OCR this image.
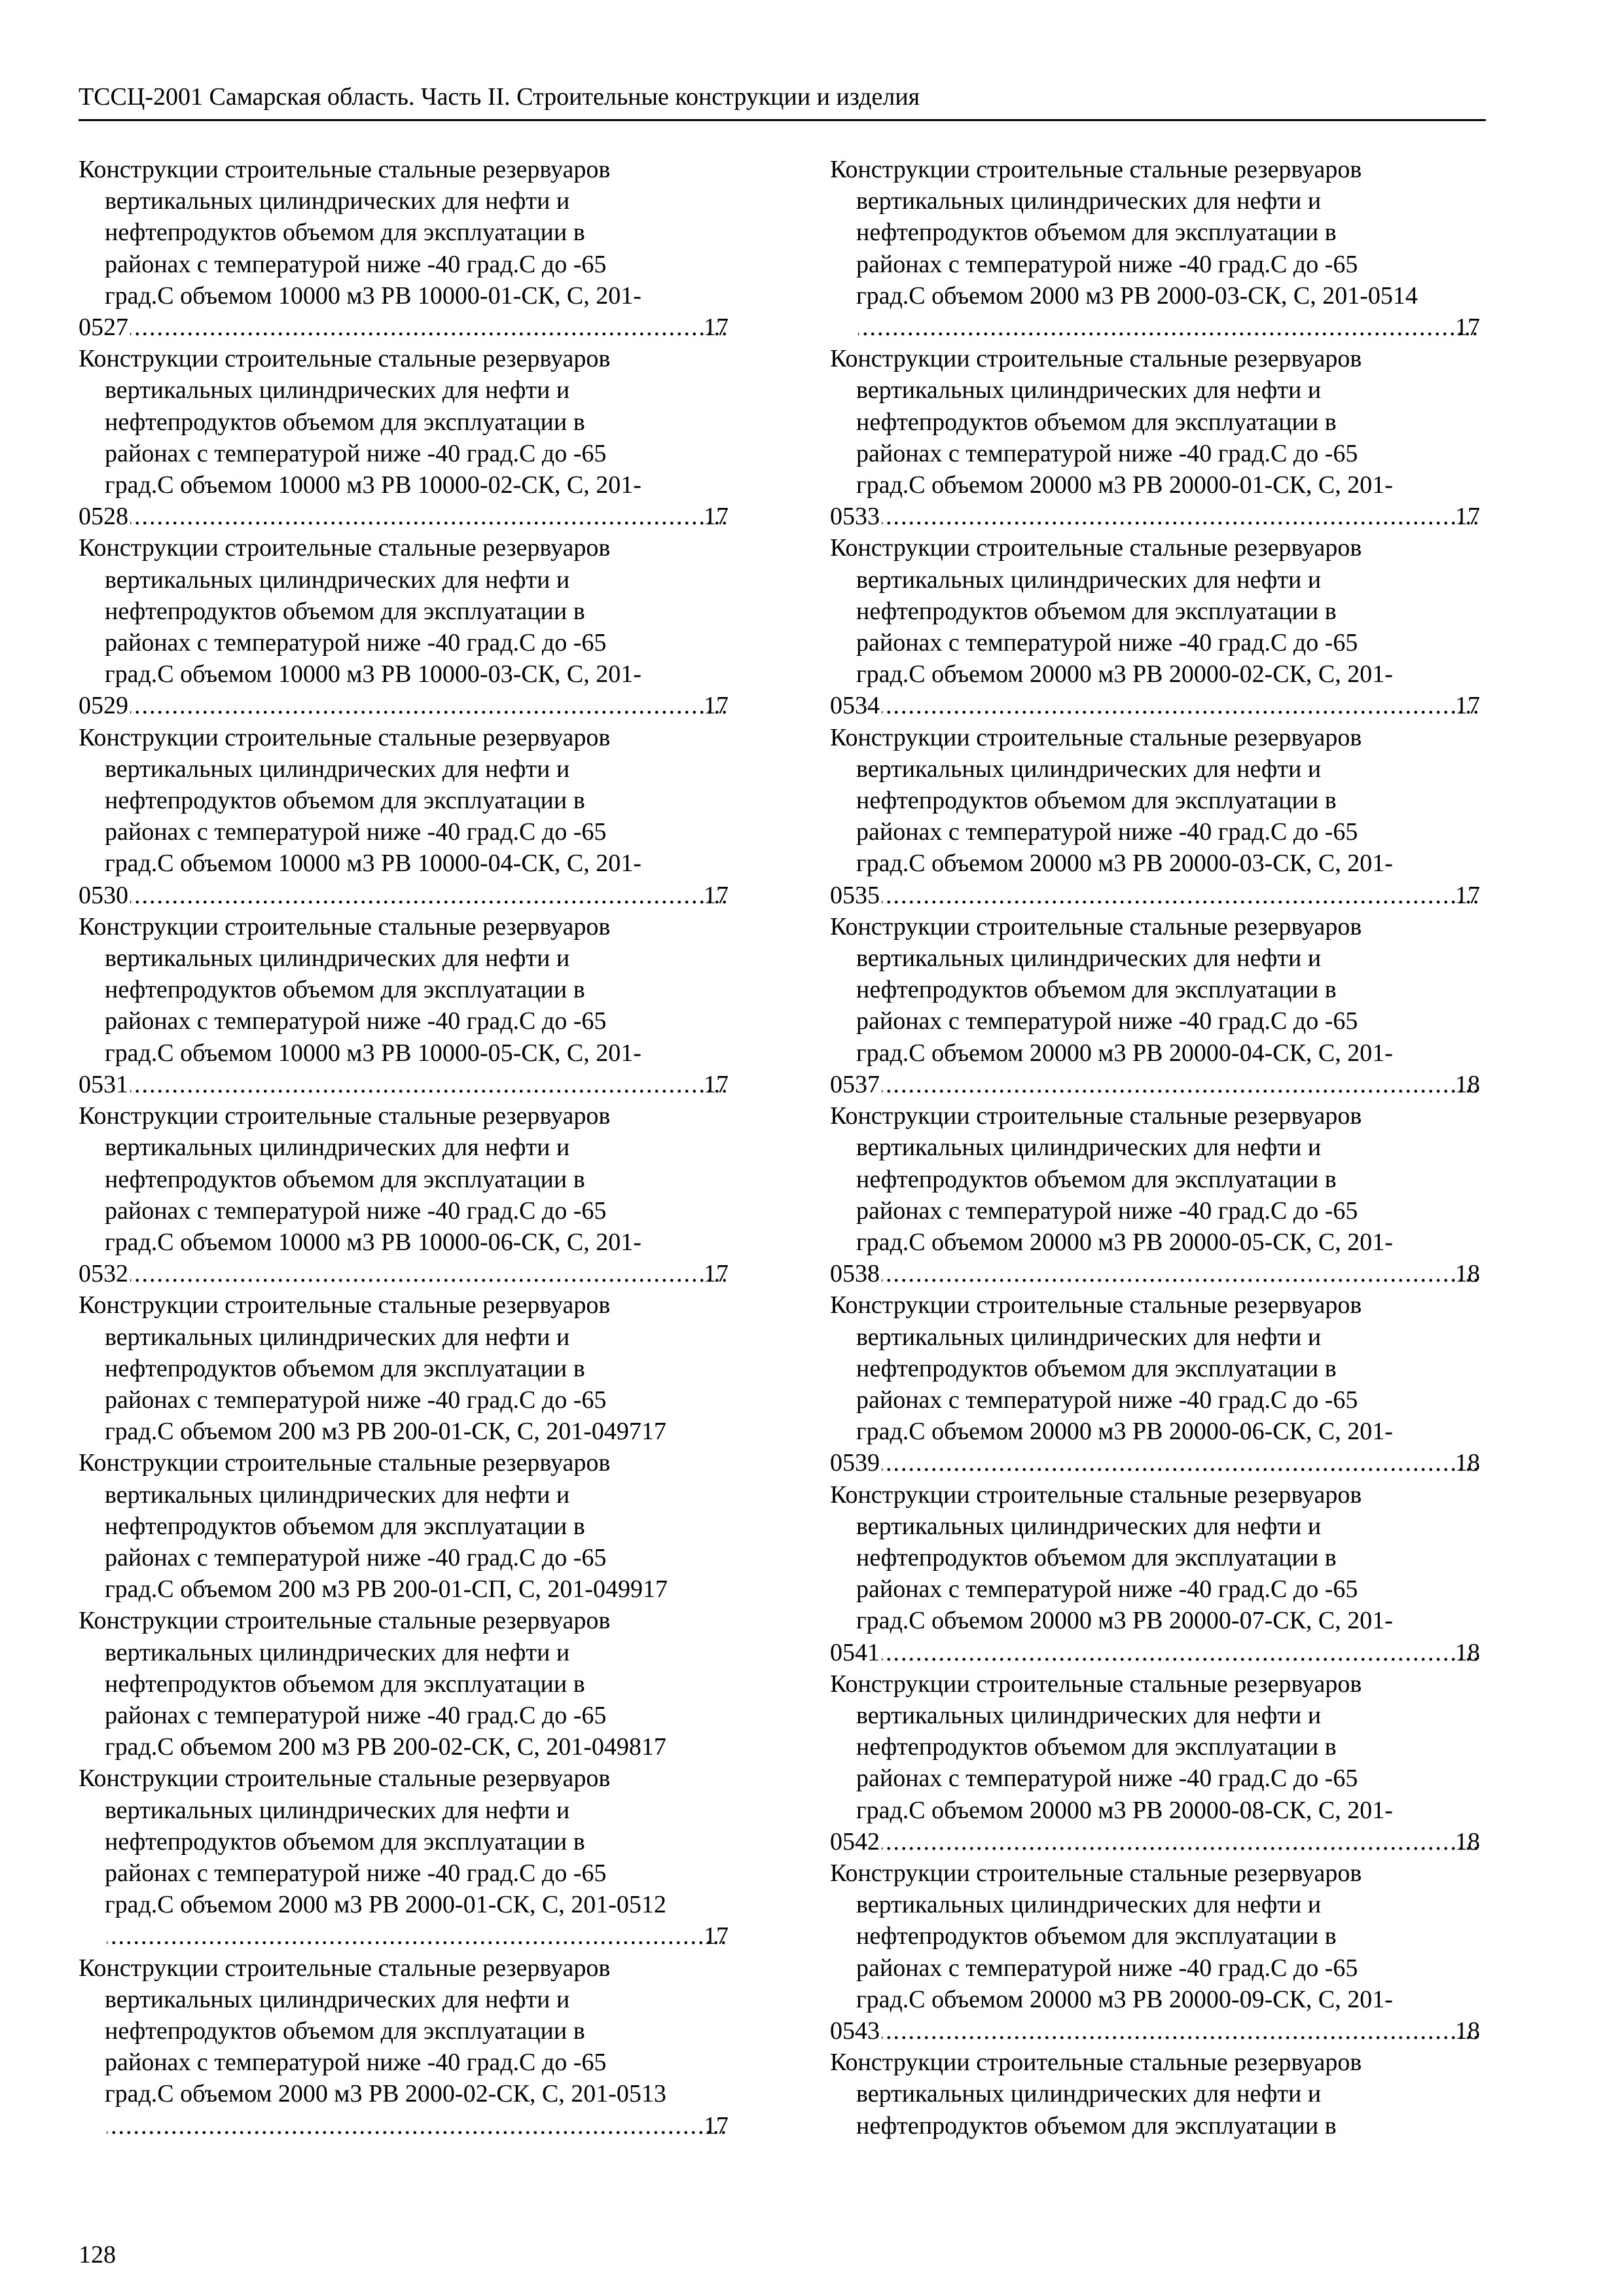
ТССЦ-2001 Самарская область. Часть II. Строительные конструкции и изделия
Конструкции строительные стальные резервуаров
вертикальных цилиндрических для нефти и
нефтепродуктов объемом для эксплуатации в
районах с температурой ниже -40 град.С до -65
град.С объемом 10000 м3 РВ 10000-01-СК, С, 201-
0527 .....	17
Конструкции строительные стальные резервуаров
вертикальных цилиндрических для нефти и
нефтепродуктов объемом для эксплуатации в
районах с температурой ниже -40 град.С до -65
град.С объемом 10000 м3 РВ 10000-02-СК, С, 201-
0528 .....	17
Конструкции строительные стальные резервуаров
вертикальных цилиндрических для нефти и
нефтепродуктов объемом для эксплуатации в
районах с температурой ниже -40 град.С до -65
град.С объемом 10000 м3 РВ 10000-03-СК, С, 201-
0529 .....	17
Конструкции строительные стальные резервуаров
вертикальных цилиндрических для нефти и
нефтепродуктов объемом для эксплуатации в
районах с температурой ниже -40 град.С до -65
град.С объемом 10000 м3 РВ 10000-04-СК, С, 201-
0530 .....	17
Конструкции строительные стальные резервуаров
вертикальных цилиндрических для нефти и
нефтепродуктов объемом для эксплуатации в
районах с температурой ниже -40 град.С до -65
град.С объемом 10000 м3 РВ 10000-05-СК, С, 201-
0531 .....	17
Конструкции строительные стальные резервуаров
вертикальных цилиндрических для нефти и
нефтепродуктов объемом для эксплуатации в
районах с температурой ниже -40 град.С до -65
град.С объемом 10000 м3 РВ 10000-06-СК, С, 201-
0532 .....	17
Конструкции строительные стальные резервуаров
вертикальных цилиндрических для нефти и
нефтепродуктов объемом для эксплуатации в
районах с температурой ниже -40 град.С до -65
град.С объемом 200 м3 РВ 200-01-СК, С, 201-049717
Конструкции строительные стальные резервуаров
вертикальных цилиндрических для нефти и
нефтепродуктов объемом для эксплуатации в
районах с температурой ниже -40 град.С до -65
град.С объемом 200 м3 РВ 200-01-СП, С, 201-049917
Конструкции строительные стальные резервуаров
вертикальных цилиндрических для нефти и
нефтепродуктов объемом для эксплуатации в
районах с температурой ниже -40 град.С до -65
град.С объемом 200 м3 РВ 200-02-СК, С, 201-049817
Конструкции строительные стальные резервуаров
вертикальных цилиндрических для нефти и
нефтепродуктов объемом для эксплуатации в
районах с температурой ниже -40 град.С до -65
град.С объемом 2000 м3 РВ 2000-01-СК, С, 201-0512
.....
17
Конструкции строительные стальные резервуаров
вертикальных цилиндрических для нефти и
нефтепродуктов объемом для эксплуатации в
районах с температурой ниже -40 град.С до -65
град.С объемом 2000 м3 РВ 2000-02-СК, С, 201-0513
.....
17
Конструкции строительные стальные резервуаров
вертикальных цилиндрических для нефти и
нефтепродуктов объемом для эксплуатации в
районах с температурой ниже -40 град.С до -65
град.С объемом 2000 м3 РВ 2000-03-СК, С, 201-0514
.....
17
Конструкции строительные стальные резервуаров
вертикальных цилиндрических для нефти и
нефтепродуктов объемом для эксплуатации в
районах с температурой ниже -40 град.С до -65
град.С объемом 20000 м3 РВ 20000-01-СК, С, 201-
0533 .....	17
Конструкции строительные стальные резервуаров
вертикальных цилиндрических для нефти и
нефтепродуктов объемом для эксплуатации в
районах с температурой ниже -40 град.С до -65
град.С объемом 20000 м3 РВ 20000-02-СК, С, 201-
0534 .....	17
Конструкции строительные стальные резервуаров
вертикальных цилиндрических для нефти и
нефтепродуктов объемом для эксплуатации в
районах с температурой ниже -40 град.С до -65
град.С объемом 20000 м3 РВ 20000-03-СК, С, 201-
0535 .....	17
Конструкции строительные стальные резервуаров
вертикальных цилиндрических для нефти и
нефтепродуктов объемом для эксплуатации в
районах с температурой ниже -40 град.С до -65
град.С объемом 20000 м3 РВ 20000-04-СК, С, 201-
0537 .....	18
Конструкции строительные стальные резервуаров
вертикальных цилиндрических для нефти и
нефтепродуктов объемом для эксплуатации в
районах с температурой ниже -40 град.С до -65
град.С объемом 20000 м3 РВ 20000-05-СК, С, 201-
0538 .....	18
Конструкции строительные стальные резервуаров
вертикальных цилиндрических для нефти и
нефтепродуктов объемом для эксплуатации в
районах с температурой ниже -40 град.С до -65
град.С объемом 20000 м3 РВ 20000-06-СК, С, 201-
0539 .....	18
Конструкции строительные стальные резервуаров
вертикальных цилиндрических для нефти и
нефтепродуктов объемом для эксплуатации в
районах с температурой ниже -40 град.С до -65
град.С объемом 20000 м3 РВ 20000-07-СК, С, 201-
0541 .....	18
Конструкции строительные стальные резервуаров
вертикальных цилиндрических для нефти и
нефтепродуктов объемом для эксплуатации в
районах с температурой ниже -40 град.С до -65
град.С объемом 20000 м3 РВ 20000-08-СК, С, 201-
0542 .....	18
Конструкции строительные стальные резервуаров
вертикальных цилиндрических для нефти и
нефтепродуктов объемом для эксплуатации в
районах с температурой ниже -40 град.С до -65
град.С объемом 20000 м3 РВ 20000-09-СК, С, 201-
0543 .....	18
Конструкции строительные стальные резервуаров
вертикальных цилиндрических для нефти и
нефтепродуктов объемом для эксплуатации в
128
